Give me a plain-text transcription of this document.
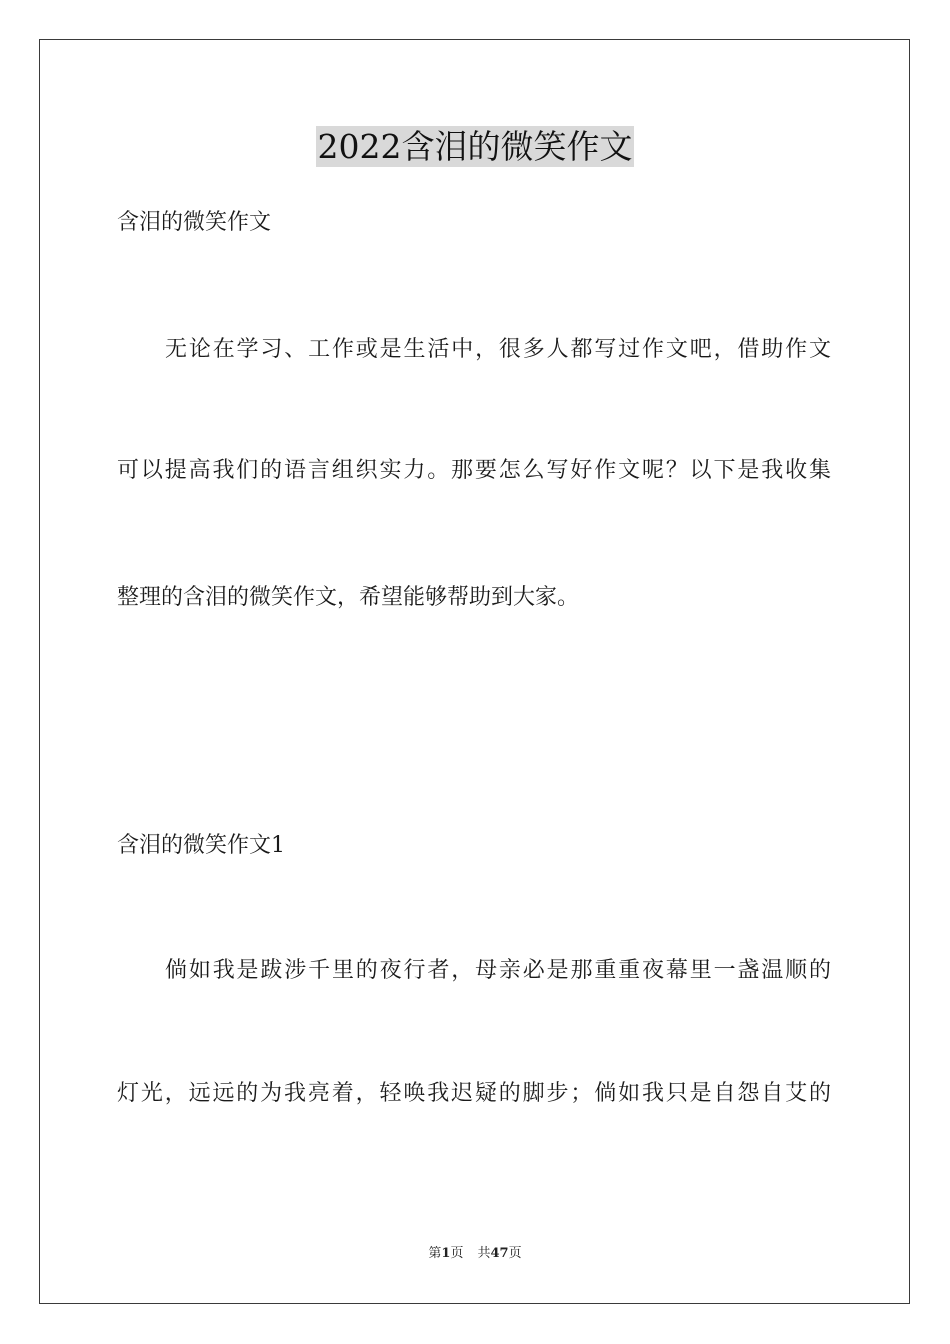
2022含泪的微笑作文
含泪的微笑作文
无论在学习、工作或是生活中，很多人都写过作文吧，借助作文
可以提高我们的语言组织实力。那要怎么写好作文呢？以下是我收集
整理的含泪的微笑作文，希望能够帮助到大家。
含泪的微笑作文1
倘如我是跋涉千里的夜行者，母亲必是那重重夜幕里一盏温顺的
灯光，远远的为我亮着，轻唤我迟疑的脚步；倘如我只是自怨自艾的
第1页 共47页
